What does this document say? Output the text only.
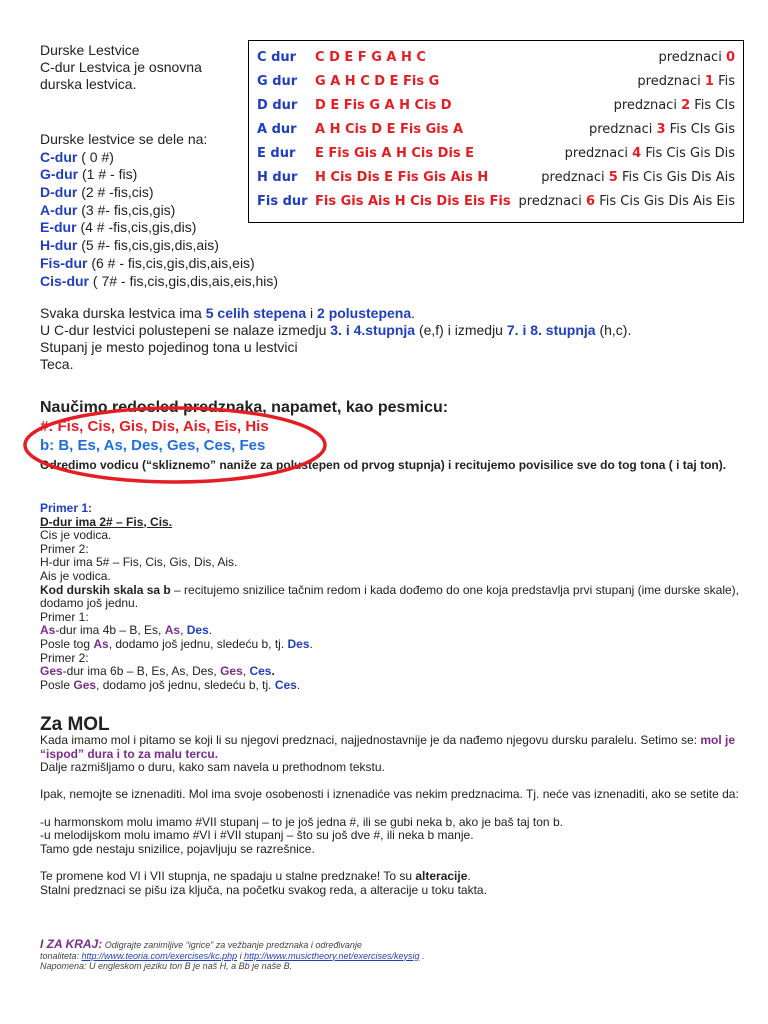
Durske Lestvice
C-dur Lestvica je osnovna
durska lestvica.
Durske lestvice se dele na:
C-dur ( 0 #)
G-dur (1 # - fis)
D-dur (2 # -fis,cis)
A-dur (3 #- fis,cis,gis)
E-dur (4 # -fis,cis,gis,dis)
H-dur (5 #- fis,cis,gis,dis,ais)
Fis-dur (6 # - fis,cis,gis,dis,ais,eis)
Cis-dur ( 7# - fis,cis,gis,dis,ais,eis,his)
C dur C D E F G A H C	predznaci 0
G dur G A H C D E Fis G	predznaci 1 Fis
D dur D E Fis G A H Cis D	predznaci 2 Fis CIs
A dur A H Cis D E Fis Gis A	predznaci 3 Fis CIs Gis
E dur E Fis Gis A H Cis Dis E	predznaci 4 Fis Cis Gis Dis
H dur H Cis Dis E Fis Gis Ais H	predznaci 5 Fis Cis Gis Dis Ais
Fis dur Fis Gis Ais H Cis Dis Eis Fis predznaci 6 Fis Cis Gis Dis Ais Eis
Svaka durska lestvica ima 5 celih stepena i 2 polustepena.
U C-dur lestvici polustepeni se nalaze izmedju 3. i 4.stupnja (e,f) i izmedju 7. i 8. stupnja (h,c).
Stupanj je mesto pojedinog tona u lestvici
Teca.
Naučimo redosled predznaka, napamet, kao pesmicu:
#: Fis, Cis, Gis, Dis, Ais, Eis, His
b: B, Es, As, Des, Ges, Ces, Fes
Odredimo vodicu (“skliznemo” naniže za polustepen od prvog stupnja) i recitujemo povisilice sve do tog tona ( i taj ton).
Primer 1:
D-dur ima 2# – Fis, Cis.
Cis je vodica.
Primer 2:
H-dur ima 5# – Fis, Cis, Gis, Dis, Ais.
Ais je vodica.
Kod durskih skala sa b – recitujemo snizilice tačnim redom i kada dođemo do one koja predstavlja prvi stupanj (ime durske skale), dodamo još jednu.
Primer 1:
As-dur ima 4b – B, Es, As, Des.
Posle tog As, dodamo još jednu, sledeću b, tj. Des.
Primer 2:
Ges-dur ima 6b – B, Es, As, Des, Ges, Ces.
Posle Ges, dodamo još jednu, sledeću b, tj. Ces.
Za MOL
Kada imamo mol i pitamo se koji li su njegovi predznaci, najjednostavnije je da nađemo njegovu dursku paralelu. Setimo se: mol je “ispod” dura i to za malu tercu.
Dalje razmišljamo o duru, kako sam navela u prethodnom tekstu.
Ipak, nemojte se iznenaditi. Mol ima svoje osobenosti i iznenadiće vas nekim predznacima. Tj. neće vas iznenaditi, ako se setite da:
-u harmonskom molu imamo #VII stupanj – to je još jedna #, ili se gubi neka b, ako je baš taj ton b.
-u melodijskom molu imamo #VI i #VII stupanj – što su još dve #, ili neka b manje.
Tamo gde nestaju snizilice, pojavljuju se razrešnice.
Te promene kod VI i VII stupnja, ne spadaju u stalne predznake! To su alteracije.
Stalni predznaci se pišu iza ključa, na početku svakog reda, a alteracije u toku takta.
I ZA KRAJ: Odigrajte zanimljive “igrice” za vežbanje predznaka i određivanje
tonaliteta: http://www.teoria.com/exercises/kc.php i http://www.musictheory.net/exercises/keysig .
Napomena: U engleskom jeziku ton B je naš H, a Bb je naše B.
